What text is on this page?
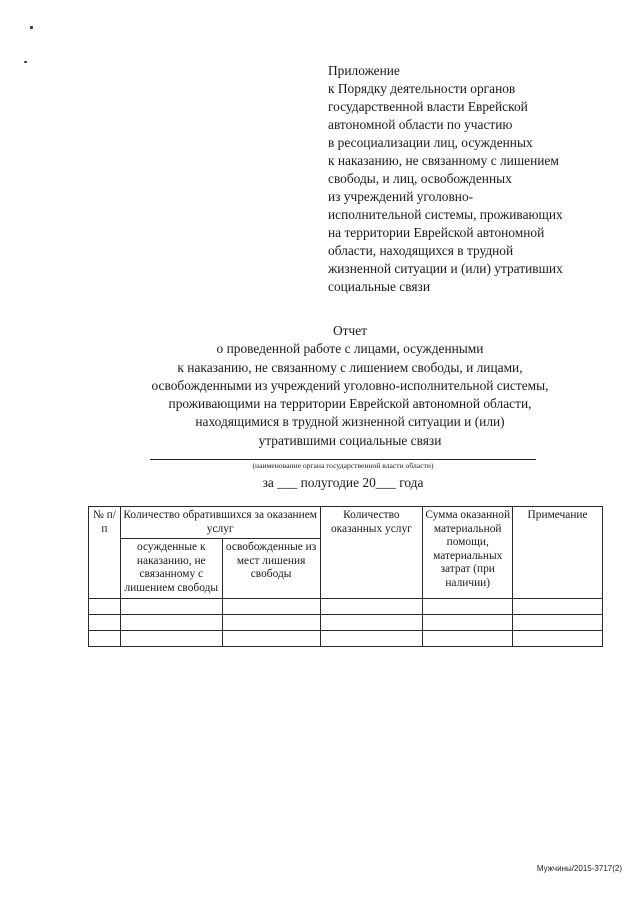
Приложение
к Порядку деятельности органов
государственной власти Еврейской
автономной области по участию
в ресоциализации лиц, осужденных
к наказанию, не связанному с лишением
свободы, и лиц, освобожденных
из учреждений уголовно-
исполнительной системы, проживающих
на территории Еврейской автономной
области, находящихся в трудной
жизненной ситуации и (или) утративших
социальные связи
Отчет
о проведенной работе с лицами, осужденными
к наказанию, не связанному с лишением свободы, и лицами,
освобожденными из учреждений уголовно-исполнительной системы,
проживающими на территории Еврейской автономной области,
находящимися в трудной жизненной ситуации и (или)
утратившими социальные связи
(наименование органа государственной власти области)
за ___ полугодие 20___ года
№ п/п	Количество обратившихся за оказанием услуг		Количество оказанных услуг	Сумма оказанной материальной помощи, материальных затрат (при наличии)	Примечание
	осужденные к наказанию, не связанному с лишением свободы	освобожденные из мест лишения свободы			

Мужчины/2015-3717(2)
